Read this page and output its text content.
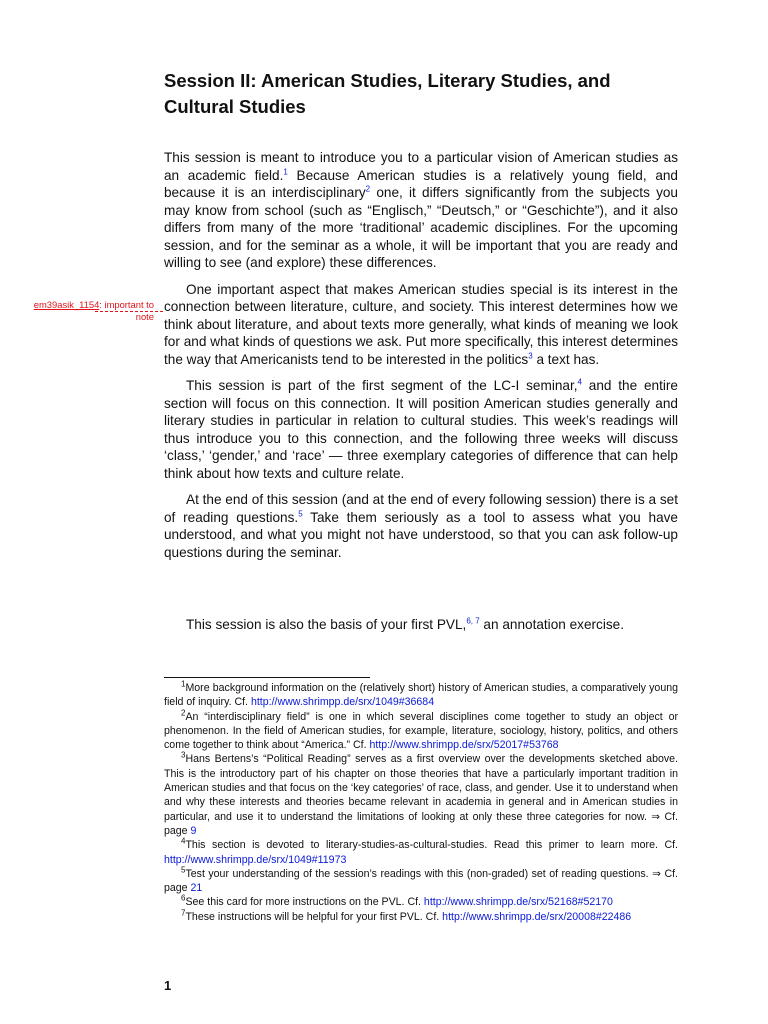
Session II: American Studies, Literary Studies, and Cultural Studies
em39asik_1154: important to note

This session is meant to introduce you to a particular vision of American studies as an academic field.$^1$ Because American studies is a relatively young field, and because it is an interdisciplinary$^2$ one, it differs significantly from the subjects you may know from school (such as “Englisch,” “Deutsch,” or “Geschichte”), and it also differs from many of the more ‘traditional’ academic disciplines. For the upcoming session, and for the seminar as a whole, it will be important that you are ready and willing to see (and explore) these differences.

One important aspect that makes American studies special is its interest in the connection between literature, culture, and society. This interest determines how we think about literature, and about texts more generally, what kinds of meaning we look for and what kinds of questions we ask. Put more specifically, this interest determines the way that Americanists tend to be interested in the politics$^3$ a text has.

This session is part of the first segment of the LC-I seminar,$^4$ and the entire section will focus on this connection. It will position American studies generally and literary studies in particular in relation to cultural studies. This week’s readings will thus introduce you to this connection, and the following three weeks will discuss ‘class,’ ‘gender,’ and ‘race’ — three exemplary categories of difference that can help think about how texts and culture relate.

At the end of this session (and at the end of every following session) there is a set of reading questions.$^5$ Take them seriously as a tool to assess what you have understood, and what you might not have understood, so that you can ask follow-up questions during the seminar.

This session is also the basis of your first PVL,$^{6, 7}$ an annotation exercise.

$^1$More background information on the (relatively short) history of American studies, a comparatively young field of inquiry. Cf. http://www.shrimpp.de/srx/1049#36684

$^2$An “interdisciplinary field” is one in which several disciplines come together to study an object or phenomenon. In the field of American studies, for example, literature, sociology, history, politics, and others come together to think about “America.” Cf. http://www.shrimpp.de/srx/52017#53768

$^3$Hans Bertens’s “Political Reading” serves as a first overview over the developments sketched above. This is the introductory part of his chapter on those theories that have a particularly important tradition in American studies and that focus on the ‘key categories’ of race, class, and gender. Use it to understand when and why these interests and theories became relevant in academia in general and in American studies in particular, and use it to understand the limitations of looking at only these three categories for now. ⇒ Cf. page 9

$^4$This section is devoted to literary-studies-as-cultural-studies. Read this primer to learn more. Cf. http://www.shrimpp.de/srx/1049#11973

$^5$Test your understanding of the session’s readings with this (non-graded) set of reading questions. ⇒ Cf. page 21

$^6$See this card for more instructions on the PVL. Cf. http://www.shrimpp.de/srx/52168#52170

$^7$These instructions will be helpful for your first PVL. Cf. http://www.shrimpp.de/srx/20008#22486

1
